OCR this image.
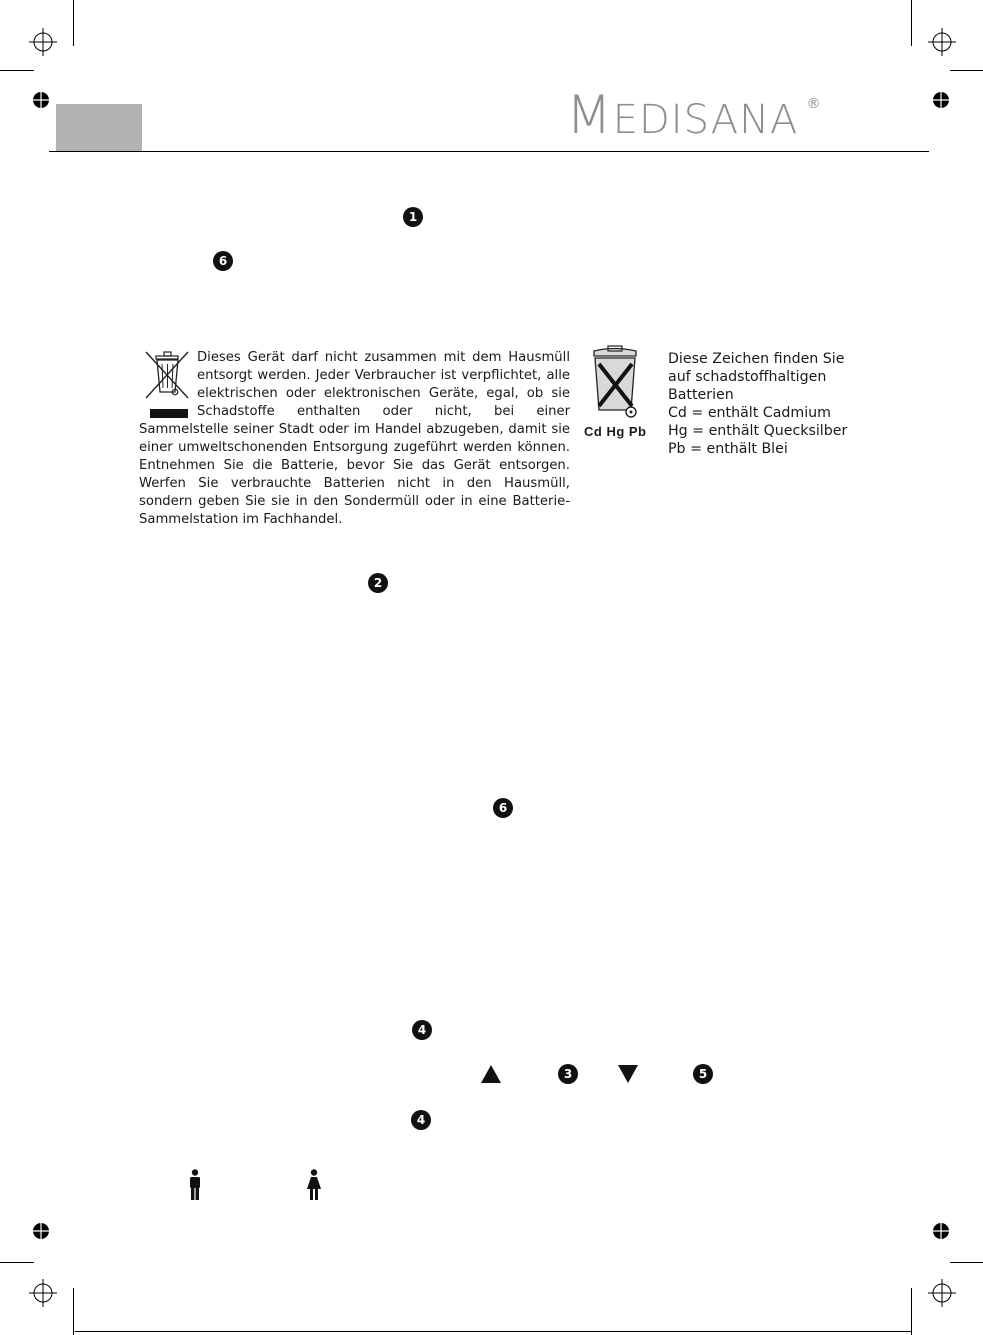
MEDISANA ®
1
6
2
6
4
3	5
4
Dieses Gerät darf nicht zusammen mit dem Hausmüll entsorgt werden. Jeder Verbraucher ist verpflichtet, alle elektrischen oder elektronischen Geräte, egal, ob sie Schadstoffe enthalten oder nicht, bei einer Sammelstelle seiner Stadt oder im Handel abzugeben, damit sie einer umweltschonenden Entsorgung zugeführt werden können. Entnehmen Sie die Batterie, bevor Sie das Gerät entsorgen. Werfen Sie verbrauchte Batterien nicht in den Hausmüll, sondern geben Sie sie in den Sondermüll oder in eine Batterie-Sammelstation im Fachhandel.
Cd Hg Pb
Diese Zeichen finden Sie
auf schadstoffhaltigen
Batterien
Cd = enthält Cadmium
Hg = enthält Quecksilber
Pb = enthält Blei
